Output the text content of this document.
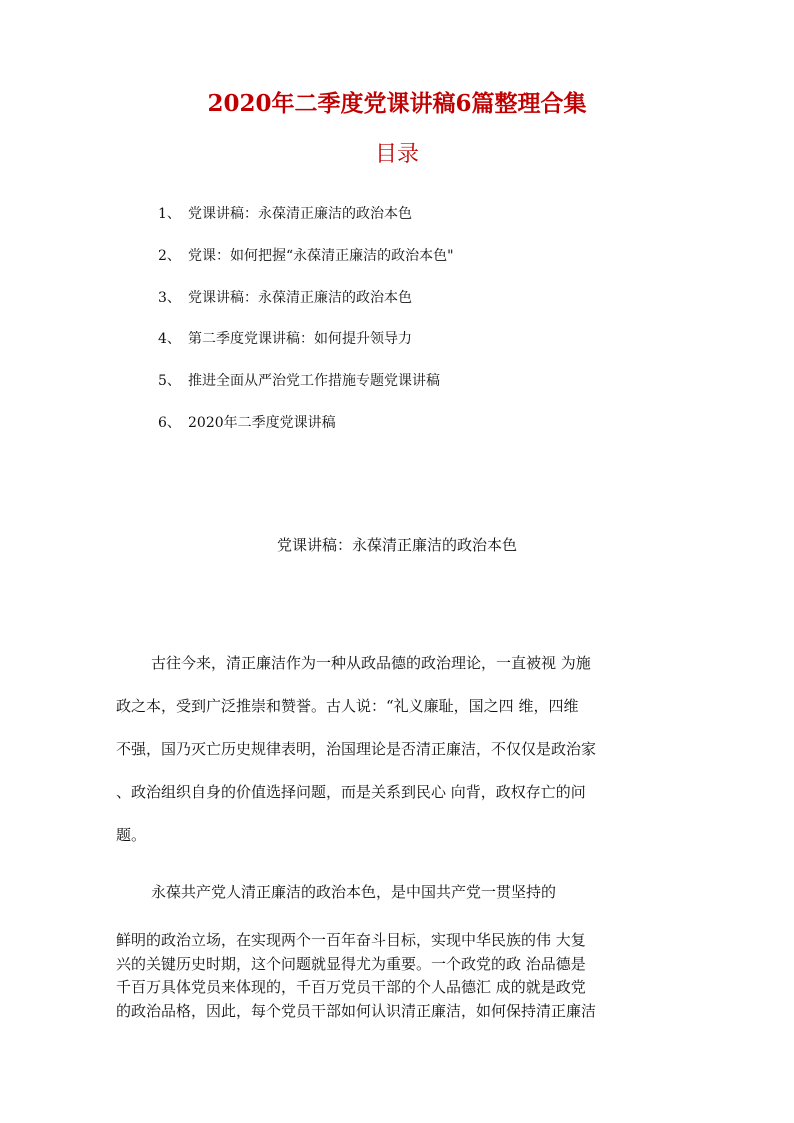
2020年二季度党课讲稿6篇整理合集
目录
1、 党课讲稿：永葆清正廉洁的政治本色
2、 党课：如何把握“永葆清正廉洁的政治本色"
3、 党课讲稿：永葆清正廉洁的政治本色
4、 第二季度党课讲稿：如何提升领导力
5、 推进全面从严治党工作措施专题党课讲稿
6、 2020年二季度党课讲稿
党课讲稿：永葆清正廉洁的政治本色
古往今来，清正廉洁作为一种从政品德的政治理论，一直被视 为施
政之本，受到广泛推崇和赞誉。古人说：“礼义廉耻，国之四 维，四维
不强，国乃灭亡历史规律表明，治国理论是否清正廉洁，不仅仅是政治家
、政治组织自身的价值选择问题，而是关系到民心 向背，政权存亡的问
题。
永葆共产党人清正廉洁的政治本色，是中国共产党一贯坚持的
鲜明的政治立场，在实现两个一百年奋斗目标，实现中华民族的伟 大复
兴的关键历史时期，这个问题就显得尤为重要。一个政党的政 治品德是
千百万具体党员来体现的，千百万党员干部的个人品德汇 成的就是政党
的政治品格，因此，每个党员干部如何认识清正廉洁，如何保持清正廉洁
